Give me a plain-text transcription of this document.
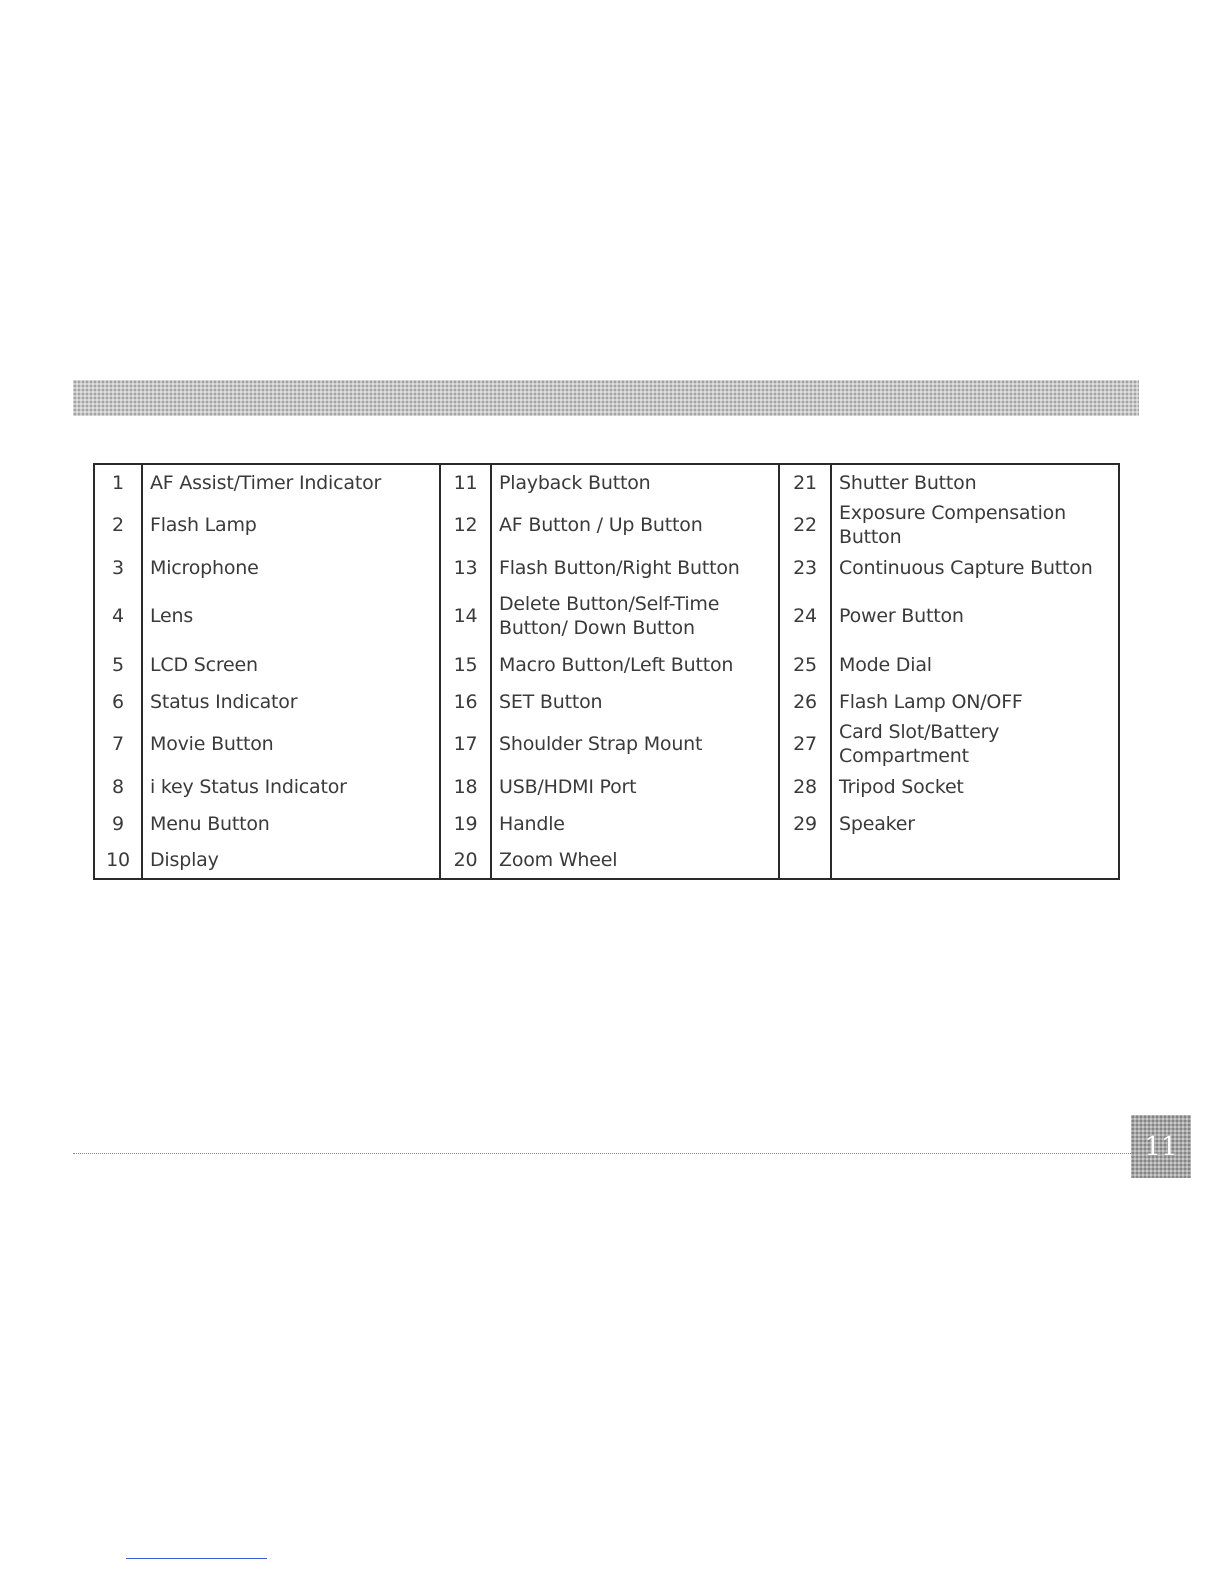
1	AF Assist/Timer Indicator	11	Playback Button	21	Shutter Button
2	Flash Lamp	12	AF Button / Up Button	22	Exposure Compensation Button
3	Microphone	13	Flash Button/Right Button	23	Continuous Capture Button
4	Lens	14	Delete Button/Self-Time Button/ Down Button	24	Power Button
5	LCD Screen	15	Macro Button/Left Button	25	Mode Dial
6	Status Indicator	16	SET Button	26	Flash Lamp ON/OFF
7	Movie Button	17	Shoulder Strap Mount	27	Card Slot/Battery Compartment
8	i key Status Indicator	18	USB/HDMI Port	28	Tripod Socket
9	Menu Button	19	Handle	29	Speaker
10	Display	20	Zoom Wheel		
11
